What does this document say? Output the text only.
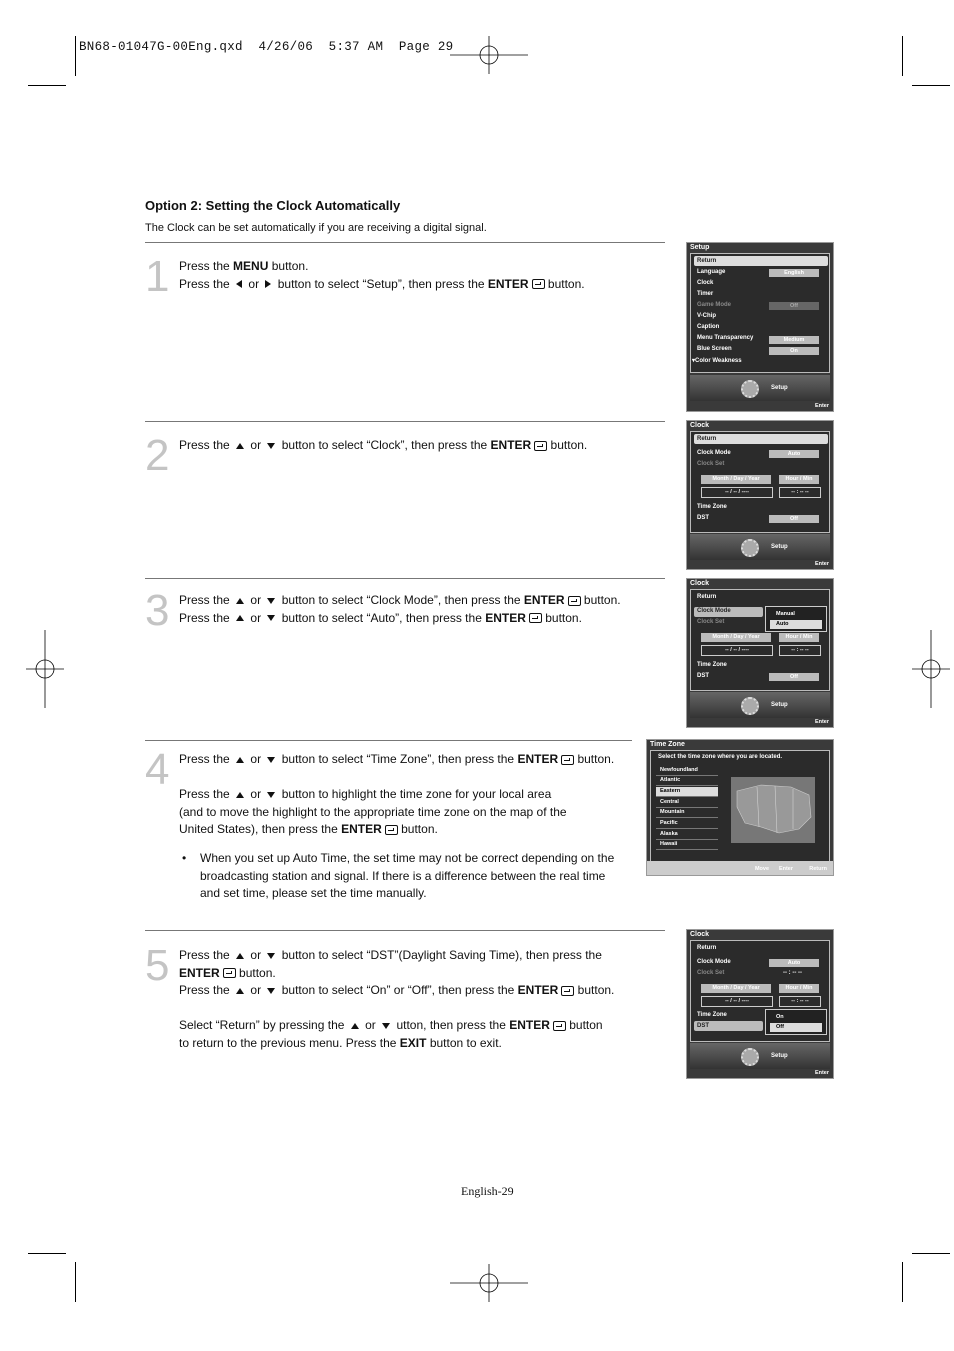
BN68-01047G-00Eng.qxd 4/26/06 5:37 AM Page 29
Option 2: Setting the Clock Automatically
The Clock can be set automatically if you are receiving a digital signal.
1 Press the MENU button.
Press the or button to select “Setup”, then press the ENTER button.
2 Press the or button to select “Clock”, then press the ENTER button.
3 Press the or button to select “Clock Mode”, then press the ENTER button.
Press the or button to select “Auto”, then press the ENTER button.
4 Press the or button to select “Time Zone”, then press the ENTER button.
Press the or button to highlight the time zone for your local area
(and to move the highlight to the appropriate time zone on the map of the
United States), then press the ENTER button.
• When you set up Auto Time, the set time may not be correct depending on the
broadcasting station and signal. If there is a difference between the real time
and set time, please set the time manually.
5 Press the or button to select “DST”(Daylight Saving Time), then press the
ENTER button.
Press the or button to select “On” or “Off”, then press the ENTER button.
Select “Return” by pressing the or utton, then press the ENTER button
to return to the previous menu. Press the EXIT button to exit.
Setup
Return
Language	English
Clock
Timer
Game Mode	Off
V-Chip
Caption
Menu Transparency	Medium
Blue Screen	On
▾Color Weakness
Setup
Enter
Clock
Return
Clock Mode	Auto
Clock Set
Month / Day / Year	Hour / Min
-- / -- / ----	-- : -- --
Time Zone
DST	Off
Setup
Enter
Clock
Return
Clock Mode
Clock Set
Month / Day / Year	Hour / Min
-- / -- / ----	-- : -- --
Manual
Auto
Time Zone
DST	Off
Setup
Enter
Time Zone
Select the time zone where you are located.
Newfoundland
Atlantic
Eastern
Central
Mountain
Pacific
Alaska
Hawaii
Move Enter	Return
Clock
Return
Clock Mode	Auto
Clock Set	-- : -- --
Month / Day / Year	Hour / Min
-- / -- / ----	-- : -- --
Time Zone
DST
On
Off
Setup
Enter
English-29
